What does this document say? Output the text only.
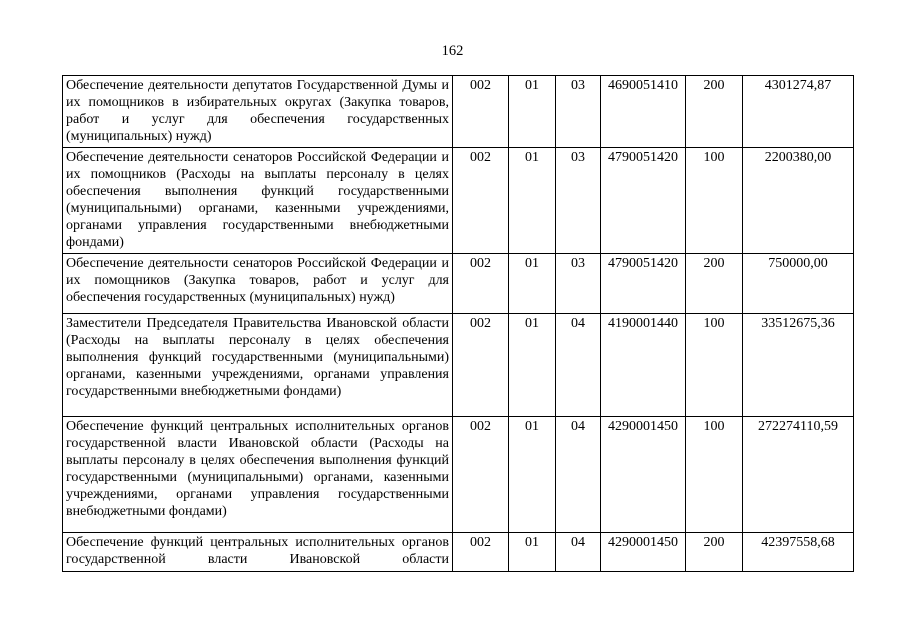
162
Обеспечение деятельности депутатов Государственной Думы и их помощников в избирательных округах (Закупка товаров, работ и услуг для обеспечения государственных (муниципальных) нужд)	002	01	03	4690051410	200	4301274,87
Обеспечение деятельности сенаторов Российской Федерации и их помощников (Расходы на выплаты персоналу в целях обеспечения выполнения функций государственными (муниципальными) органами, казенными учреждениями, органами управления государственными внебюджетными фондами)	002	01	03	4790051420	100	2200380,00
Обеспечение деятельности сенаторов Российской Федерации и их помощников (Закупка товаров, работ и услуг для обеспечения государственных (муниципальных) нужд)	002	01	03	4790051420	200	750000,00
Заместители Председателя Правительства Ивановской области (Расходы на выплаты персоналу в целях обеспечения выполнения функций государственными (муниципальными) органами, казенными учреждениями, органами управления государственными внебюджетными фондами)	002	01	04	4190001440	100	33512675,36
Обеспечение функций центральных исполнительных органов государственной власти Ивановской области (Расходы на выплаты персоналу в целях обеспечения выполнения функций государственными (муниципальными) органами, казенными учреждениями, органами управления государственными внебюджетными фондами)	002	01	04	4290001450	100	272274110,59

Обеспечение функций центральных исполнительных органов государственной власти Ивановской области	002	01	04	4290001450	200	42397558,68
